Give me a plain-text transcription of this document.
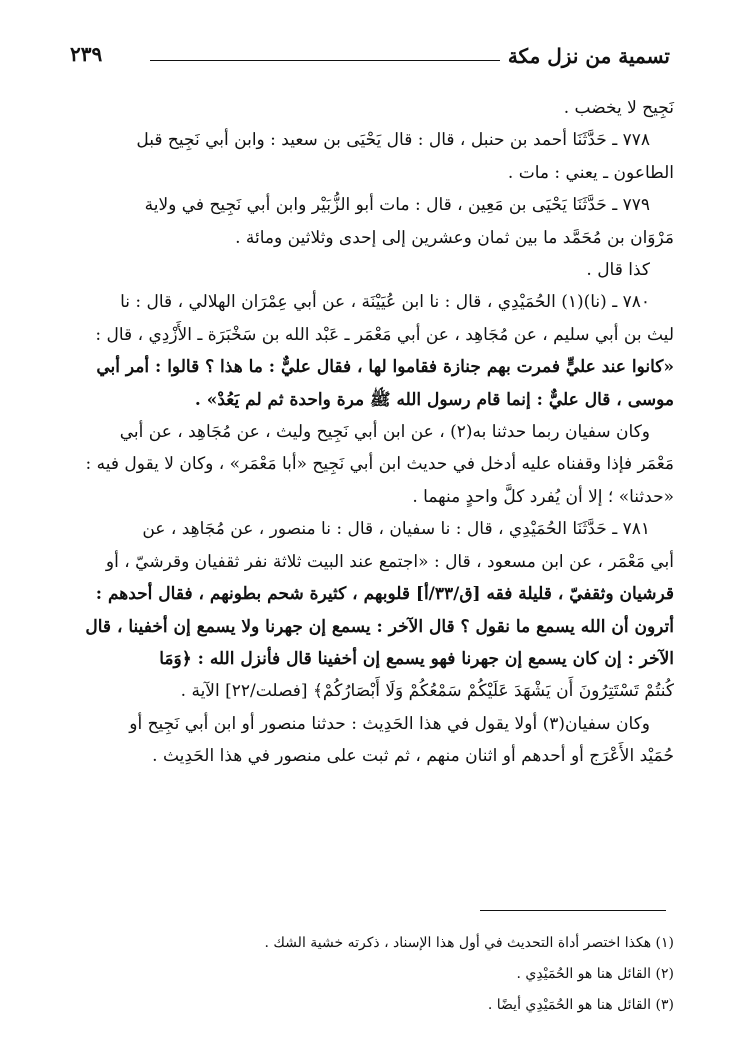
تسمية من نزل مكة
٢٣٩

نَجِيح لا يخضب .

٧٧٨ ـ حَدَّثَنَا أحمد بن حنبل ، قال : قال يَحْيَى بن سعيد : وابن أبي نَجِيح قبل

الطاعون ـ يعني : مات .

٧٧٩ ـ حَدَّثَنَا يَحْيَى بن مَعِين ، قال : مات أبو الزُّبَيْر وابن أبي نَجِيح في ولاية

مَرْوَان بن مُحَمَّد ما بين ثمان وعشرين إلى إحدى وثلاثين ومائة .

كذا قال .

٧٨٠ ـ (نا)(١) الحُمَيْدِي ، قال : نا ابن عُيَيْنَة ، عن أبي عِمْرَان الهلالي ، قال : نا

ليث بن أبي سليم ، عن مُجَاهِد ، عن أبي مَعْمَر ـ عَبْد الله بن سَخْبَرَة ـ الأَزْدِي ، قال :

«كانوا عند عليٍّ فمرت بهم جنازة فقاموا لها ، فقال عليٌّ : ما هذا ؟ قالوا : أمر أبي

موسى ، قال عليٌّ : إنما قام رسول الله ﷺ مرة واحدة ثم لم يَعُدْ» .

وكان سفيان ربما حدثنا به(٢) ، عن ابن أبي نَجِيح وليث ، عن مُجَاهِد ، عن أبي

مَعْمَر فإذا وقفناه عليه أدخل في حديث ابن أبي نَجِيح «أبا مَعْمَر» ، وكان لا يقول فيه :

«حدثنا» ؛ إلا أن يُفرد كلَّ واحدٍ منهما .

٧٨١ ـ حَدَّثَنَا الحُمَيْدِي ، قال : نا سفيان ، قال : نا منصور ، عن مُجَاهِد ، عن

أبي مَعْمَر ، عن ابن مسعود ، قال : «اجتمع عند البيت ثلاثة نفر ثقفيان وقرشيّ ، أو

قرشيان وثقفيّ ، قليلة فقه [ق/٣٣/أ] قلوبهم ، كثيرة شحم بطونهم ، فقال أحدهم :

أترون أن الله يسمع ما نقول ؟ قال الآخر : يسمع إن جهرنا ولا يسمع إن أخفينا ، قال

الآخر : إن كان يسمع إن جهرنا فهو يسمع إن أخفينا قال فأنزل الله : ﴿وَمَا

كُنتُمْ تَسْتَتِرُونَ أَن يَشْهَدَ عَلَيْكُمْ سَمْعُكُمْ وَلَا أَبْصَارُكُمْ﴾ [فصلت/٢٢] الآية .

وكان سفيان(٣) أولا يقول في هذا الحَدِيث : حدثنا منصور أو ابن أبي نَجِيح أو

حُمَيْد الأَعْرَج أو أحدهم أو اثنان منهم ، ثم ثبت على منصور في هذا الحَدِيث .

(١) هكذا اختصر أداة التحديث في أول هذا الإسناد ، ذكرته خشية الشك .

(٢) القائل هنا هو الحُمَيْدِي .

(٣) القائل هنا هو الحُمَيْدِي أيضًا .
